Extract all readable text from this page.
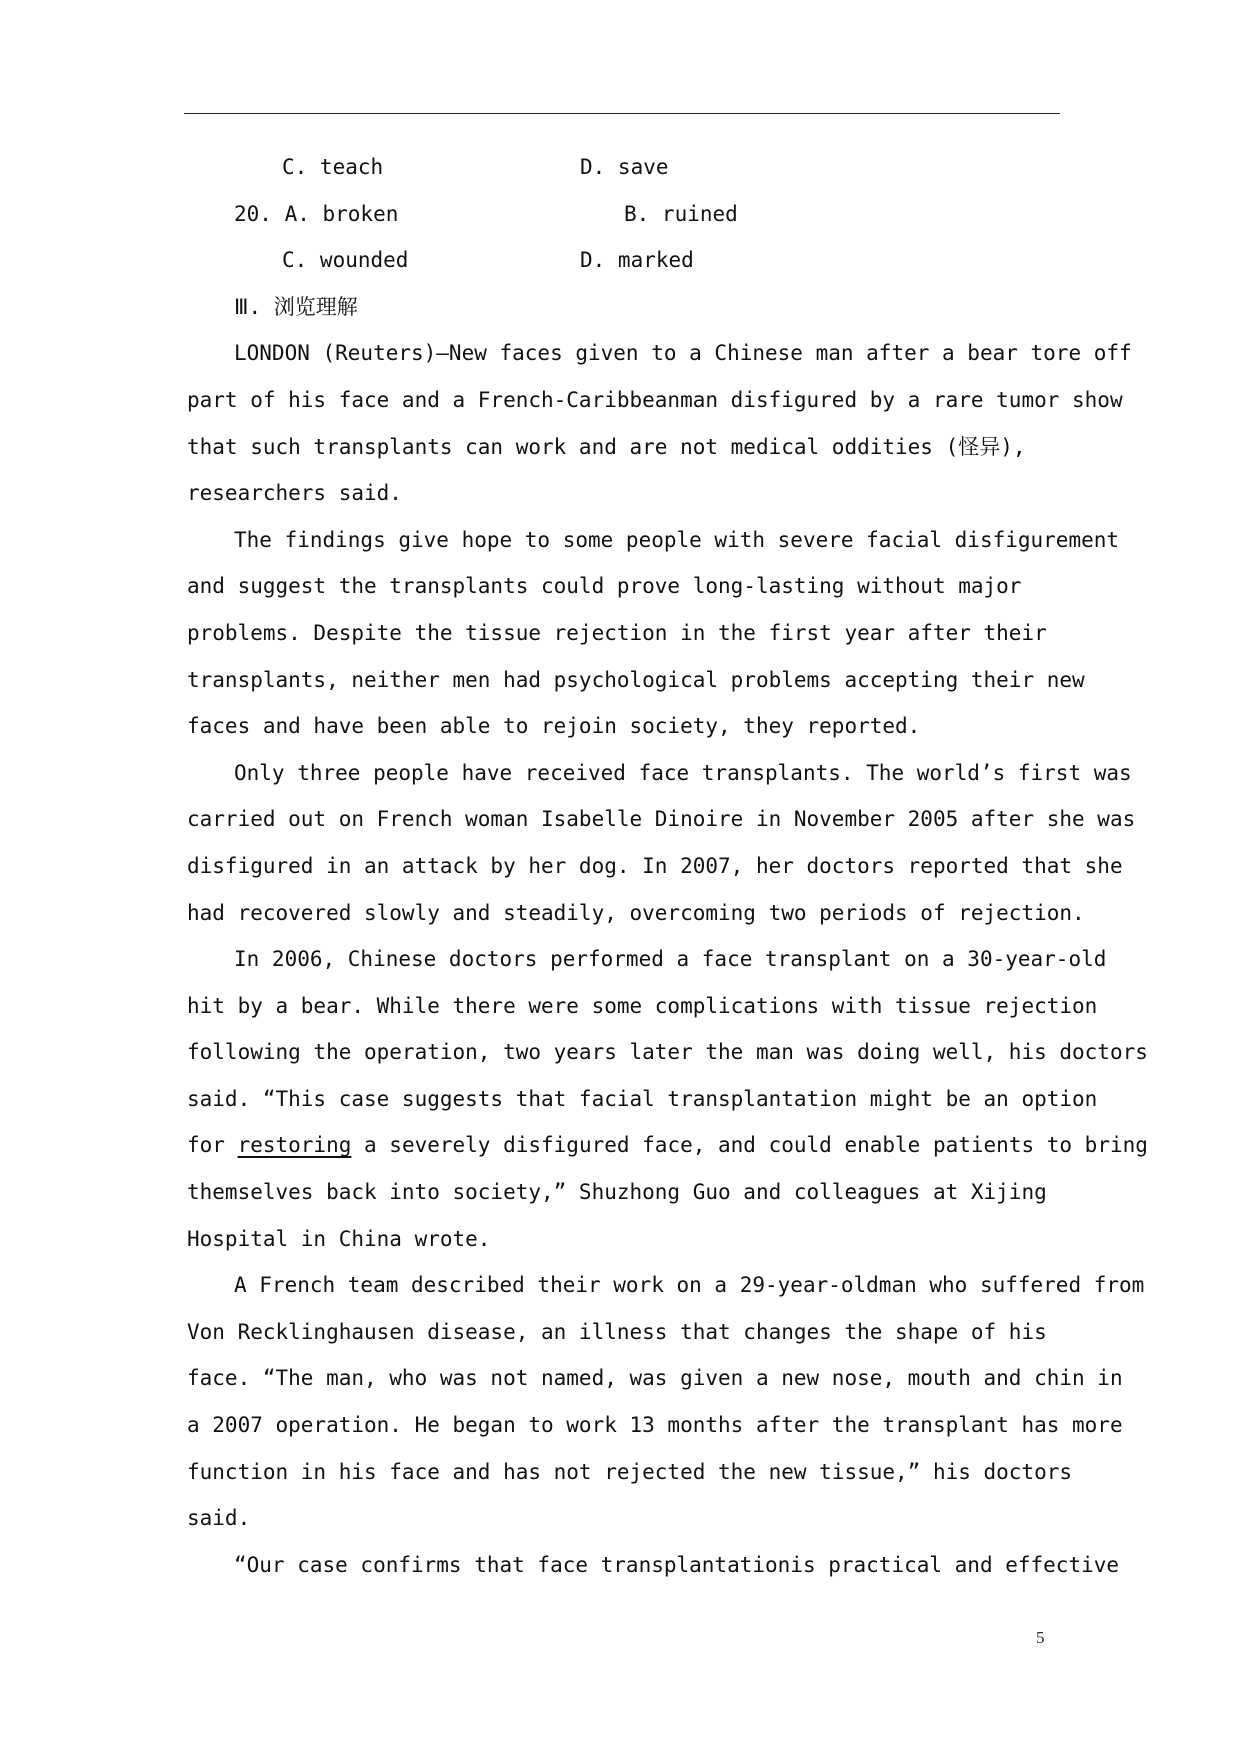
C. teach

	D. save

20. A. broken

	B. ruined

C. wounded

	D. marked

Ⅲ. 浏览理解
LONDON (Reuters)—New faces given to a Chinese man after a bear tore off
part of his face and a French-Caribbeanman disfigured by a rare tumor show
that such transplants can work and are not medical oddities (怪异),
researchers said.
The findings give hope to some people with severe facial disfigurement
and suggest the transplants could prove long-lasting without major
problems. Despite the tissue rejection in the first year after their
transplants, neither men had psychological problems accepting their new
faces and have been able to rejoin society, they reported.
Only three people have received face transplants. The world’s first was
carried out on French woman Isabelle Dinoire in November 2005 after she was
disfigured in an attack by her dog. In 2007, her doctors reported that she
had recovered slowly and steadily, overcoming two periods of rejection.
In 2006, Chinese doctors performed a face transplant on a 30-year-old
hit by a bear. While there were some complications with tissue rejection
following the operation, two years later the man was doing well, his doctors
said. “This case suggests that facial transplantation might be an option
for restoring a severely disfigured face, and could enable patients to bring
themselves back into society,” Shuzhong Guo and colleagues at Xijing
Hospital in China wrote.
A French team described their work on a 29-year-oldman who suffered from
Von Recklinghausen disease, an illness that changes the shape of his
face. “The man, who was not named, was given a new nose, mouth and chin in
a 2007 operation. He began to work 13 months after the transplant has more
function in his face and has not rejected the new tissue,” his doctors
said.
“Our case confirms that face transplantationis practical and effective
5
